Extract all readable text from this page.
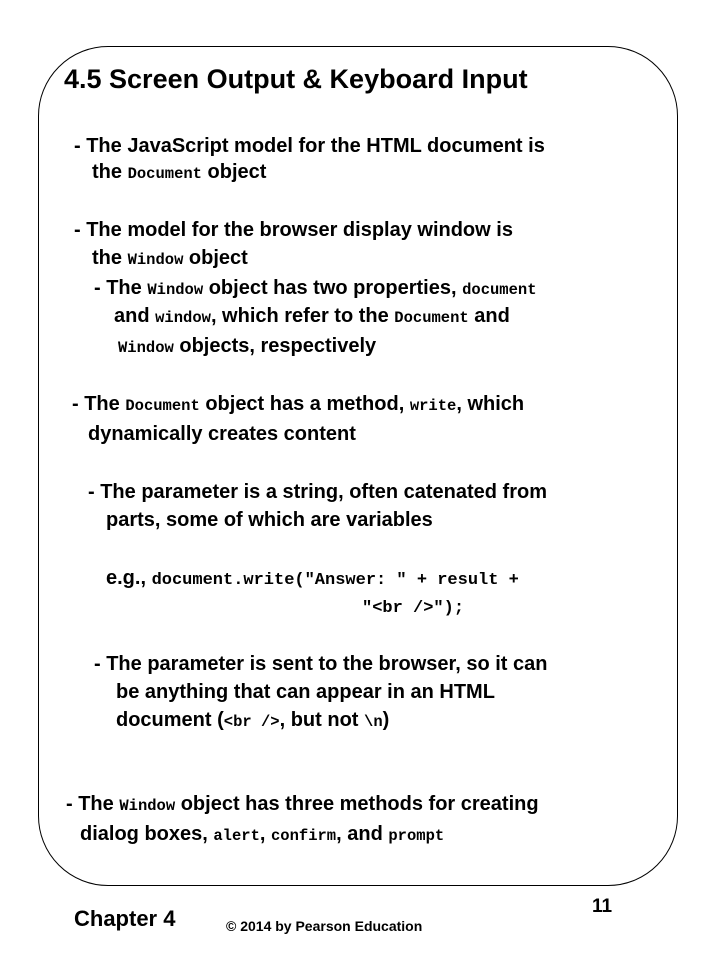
4.5 Screen Output & Keyboard Input
- The JavaScript model for the HTML document is
the Document object
- The model for the browser display window is
the Window object
- The Window object has two properties, document
and window, which refer to the Document and
Window objects, respectively
- The Document object has a method, write, which
dynamically creates content
- The parameter is a string, often catenated from
parts, some of which are variables
e.g., document.write("Answer: " + result +
"<br />");
- The parameter is sent to the browser, so it can
be anything that can appear in an HTML
document (<br />, but not \n)
- The Window object has three methods for creating
dialog boxes, alert, confirm, and prompt
Chapter 4	© 2014 by Pearson Education
11
